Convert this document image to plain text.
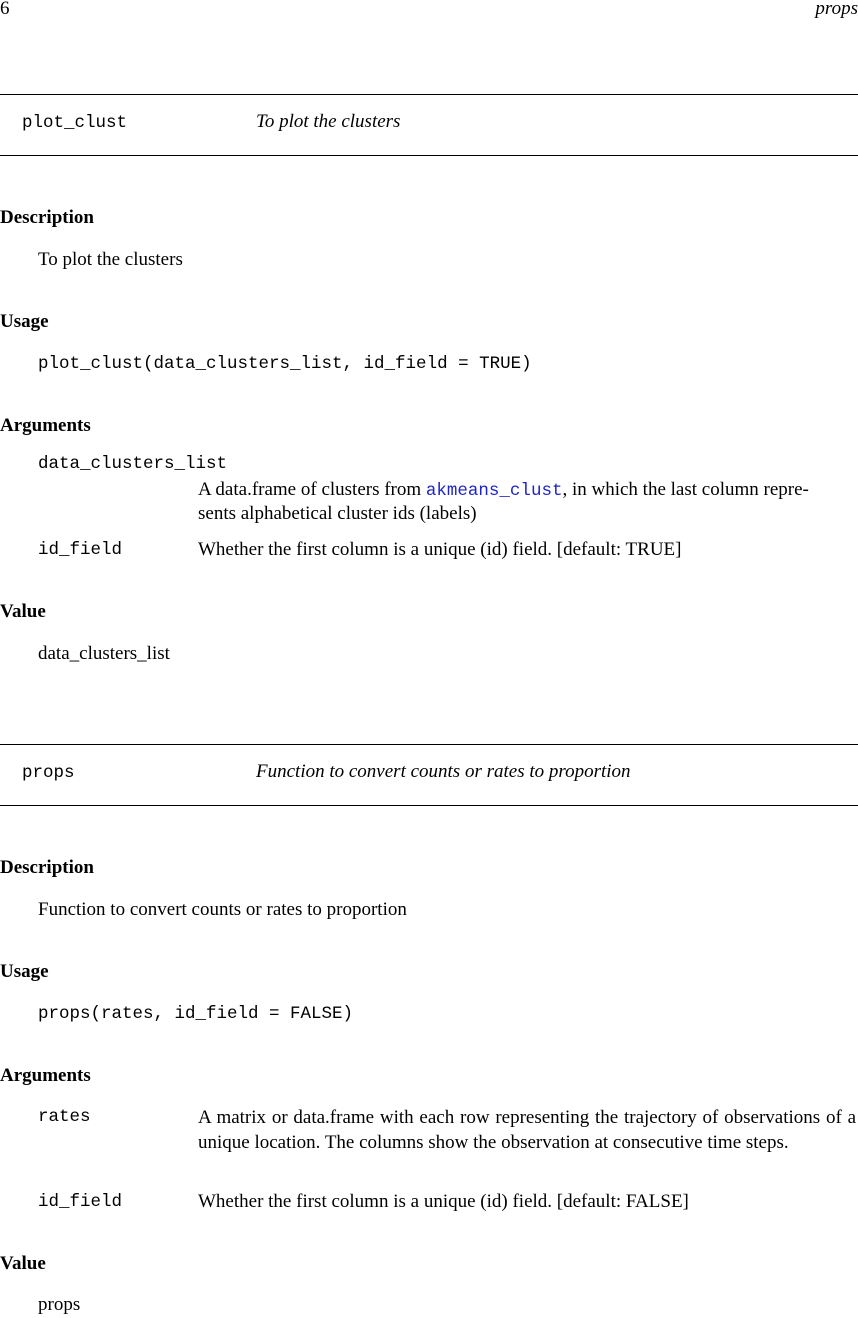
6	props
plot_clust	To plot the clusters
Description
To plot the clusters
Usage
plot_clust(data_clusters_list, id_field = TRUE)
Arguments
data_clusters_list
A data.frame of clusters from akmeans_clust, in which the last column repre-
sents alphabetical cluster ids (labels)
id_field	Whether the first column is a unique (id) field. [default: TRUE]
Value
data_clusters_list
props	Function to convert counts or rates to proportion
Description
Function to convert counts or rates to proportion
Usage
props(rates, id_field = FALSE)
Arguments
rates	A matrix or data.frame with each row representing the trajectory of observations of a unique location. The columns show the observation at consecutive time steps.
id_field	Whether the first column is a unique (id) field. [default: FALSE]
Value
props
